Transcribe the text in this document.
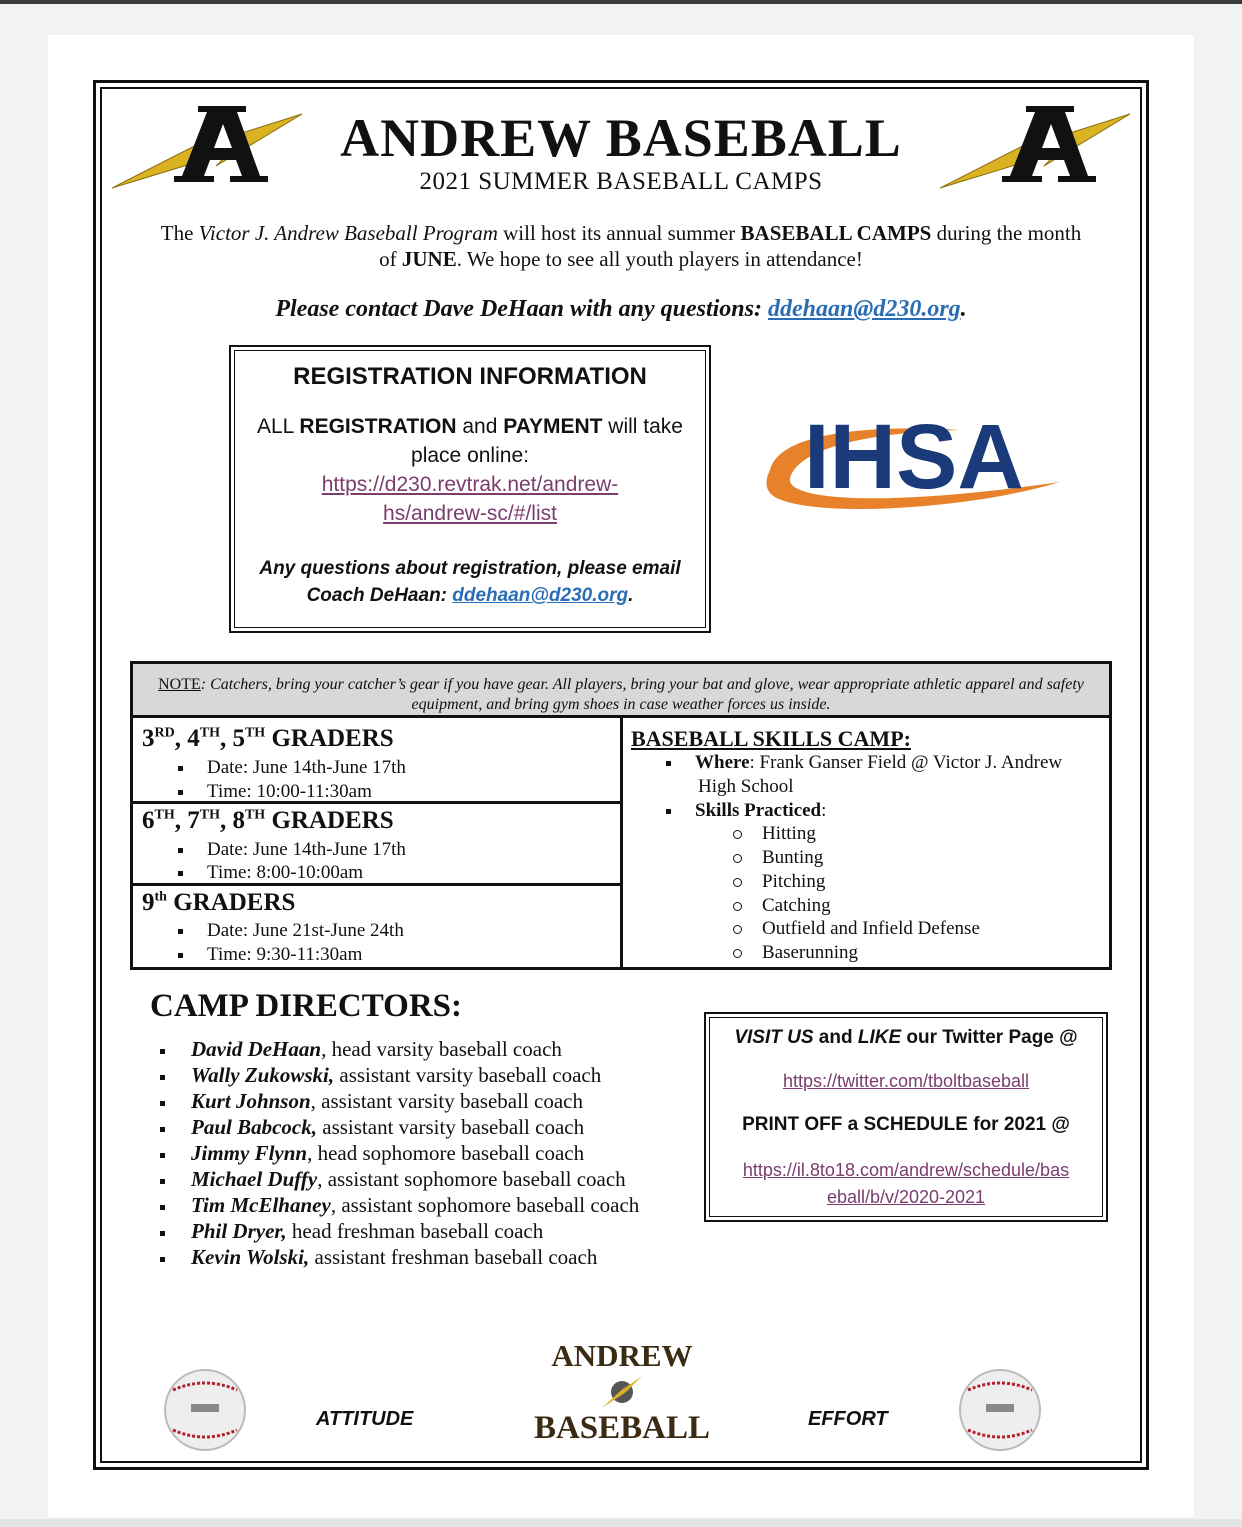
ANDREW BASEBALL
2021 SUMMER BASEBALL CAMPS
The Victor J. Andrew Baseball Program will host its annual summer BASEBALL CAMPS during the month of JUNE. We hope to see all youth players in attendance!
Please contact Dave DeHaan with any questions: ddehaan@d230.org.
REGISTRATION INFORMATION
ALL REGISTRATION and PAYMENT will take place online:
https://d230.revtrak.net/andrew-
hs/andrew-sc/#/list
Any questions about registration, please email Coach DeHaan: ddehaan@d230.org.
IHSA
NOTE: Catchers, bring your catcher’s gear if you have gear. All players, bring your bat and glove, wear appropriate athletic apparel and safety equipment, and bring gym shoes in case weather forces us inside.
3RD, 4TH, 5TH GRADERS
Date: June 14th-June 17th
Time: 10:00-11:30am
6TH, 7TH, 8TH GRADERS
Date: June 14th-June 17th
Time: 8:00-10:00am
9th GRADERS
Date: June 21st-June 24th
Time: 9:30-11:30am
BASEBALL SKILLS CAMP:
Where: Frank Ganser Field @ Victor J. Andrew
High School
Skills Practiced:
Hitting
Bunting
Pitching
Catching
Outfield and Infield Defense
Baserunning
CAMP DIRECTORS:
David DeHaan, head varsity baseball coach
Wally Zukowski, assistant varsity baseball coach
Kurt Johnson, assistant varsity baseball coach
Paul Babcock, assistant varsity baseball coach
Jimmy Flynn, head sophomore baseball coach
Michael Duffy, assistant sophomore baseball coach
Tim McElhaney, assistant sophomore baseball coach
Phil Dryer, head freshman baseball coach
Kevin Wolski, assistant freshman baseball coach
VISIT US and LIKE our Twitter Page @
https://twitter.com/tboltbaseball
PRINT OFF a SCHEDULE for 2021 @
https://il.8to18.com/andrew/schedule/bas
eball/b/v/2020-2021
ATTITUDE	EFFORT
ANDREW
BASEBALL
